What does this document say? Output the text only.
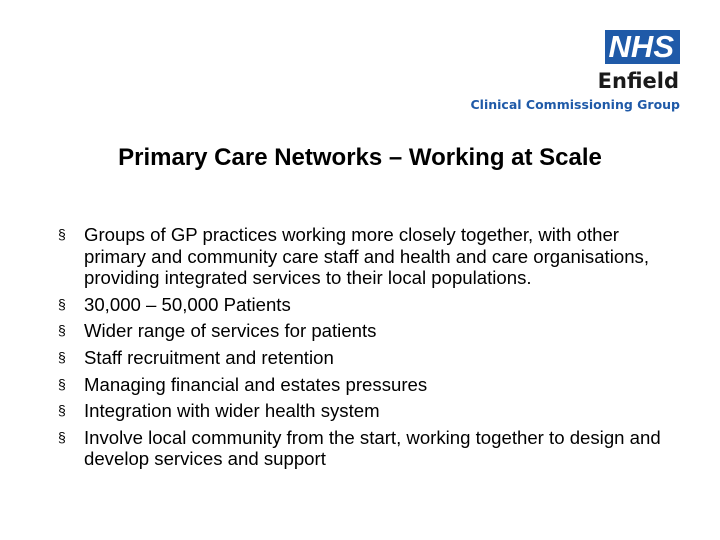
NHS
Enfield
Clinical Commissioning Group
Primary Care Networks – Working at Scale
§ Groups of GP practices working more closely together, with other primary and community care staff and health and care organisations, providing integrated services to their local populations.
§ 30,000 – 50,000 Patients
§ Wider range of services for patients
§ Staff recruitment and retention
§ Managing financial and estates pressures
§ Integration with wider health system
§ Involve local community from the start, working together to design and develop services and support
